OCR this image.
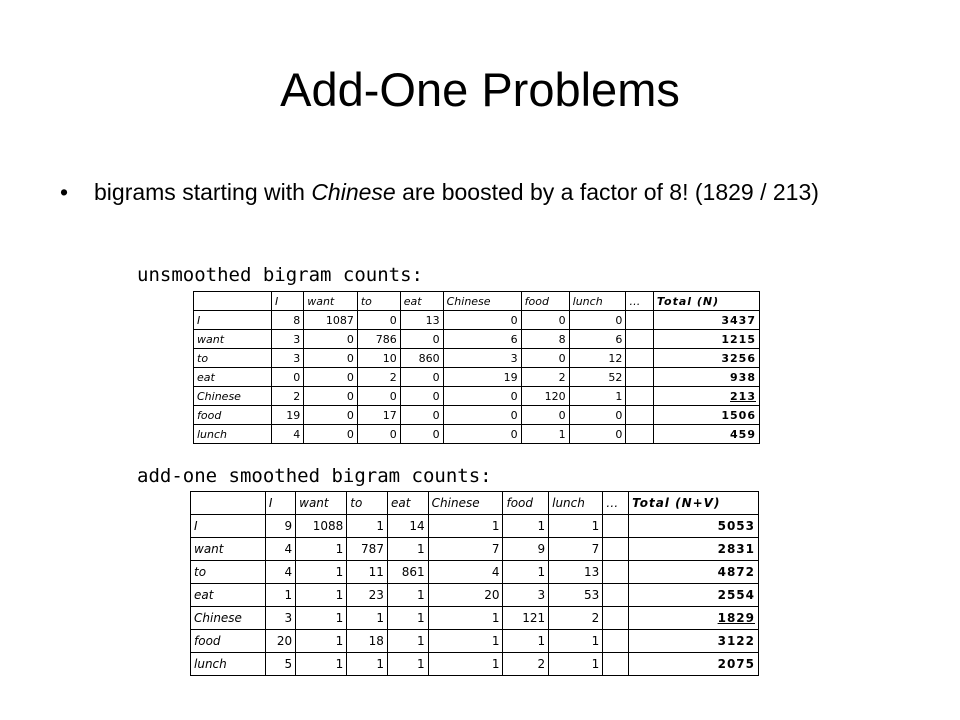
Add-One Problems
• bigrams starting with Chinese are boosted by a factor of 8! (1829 / 213)
unsmoothed bigram counts:
	I	want	to	eat	Chinese	food	lunch	…	Total (N)
I	8	1087	0	13	0	0	0		3437
want	3	0	786	0	6	8	6		1215
to	3	0	10	860	3	0	12		3256
eat	0	0	2	0	19	2	52		938
Chinese	2	0	0	0	0	120	1		213
food	19	0	17	0	0	0	0		1506
lunch	4	0	0	0	0	1	0		459
add-one smoothed bigram counts:
	I	want	to	eat	Chinese	food	lunch	…	Total (N+V)
I	9	1088	1	14	1	1	1		5053
want	4	1	787	1	7	9	7		2831
to	4	1	11	861	4	1	13		4872
eat	1	1	23	1	20	3	53		2554
Chinese	3	1	1	1	1	121	2		1829
food	20	1	18	1	1	1	1		3122
lunch	5	1	1	1	1	2	1		2075
